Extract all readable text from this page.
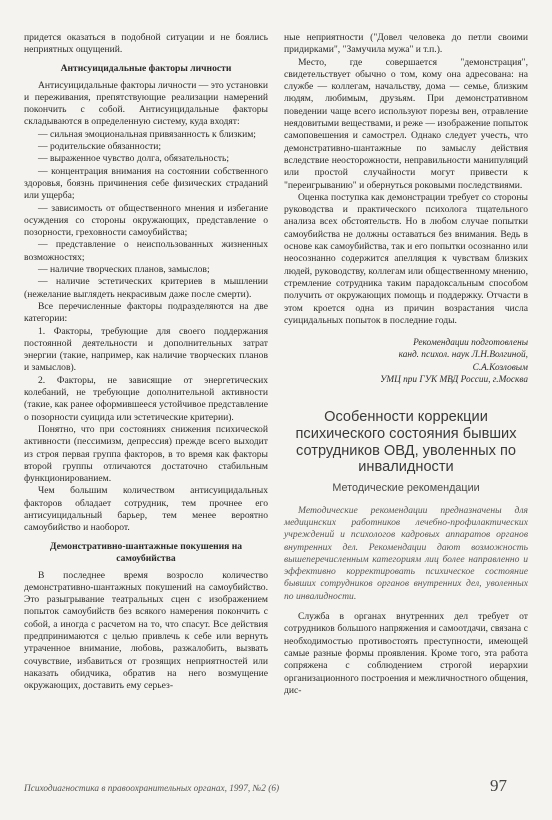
придется оказаться в подобной ситуации и не боялись неприятных ощущений.

Антисуицидальные факторы личности

Антисуицидальные факторы личности — это установки и переживания, препятствующие реализации намерений покончить с собой. Антисуицидальные факторы складываются в определенную систему, куда входят:

— сильная эмоциональная привязанность к близким;

— родительские обязанности;

— выраженное чувство долга, обязательность;

— концентрация внимания на состоянии собственного здоровья, боязнь причинения себе физических страданий или ущерба;

— зависимость от общественного мнения и избегание осуждения со стороны окружающих, представление о позорности, греховности самоубийства;

— представление о неиспользованных жизненных возможностях;

— наличие творческих планов, замыслов;

— наличие эстетических критериев в мышлении (нежелание выглядеть некрасивым даже после смерти).

Все перечисленные факторы подразделяются на две категории:

1. Факторы, требующие для своего поддержания постоянной деятельности и дополнительных затрат энергии (такие, например, как наличие творческих планов и замыслов).

2. Факторы, не зависящие от энергетических колебаний, не требующие дополнительной активности (такие, как ранее оформившееся устойчивое представление о позорности суицида или эстетические критерии).

Понятно, что при состояниях снижения психической активности (пессимизм, депрессия) прежде всего выходит из строя первая группа факторов, в то время как факторы второй группы отличаются достаточно стабильным функционированием.

Чем большим количеством антисуицидальных факторов обладает сотрудник, тем прочнее его антисуицидальный барьер, тем менее вероятно самоубийство и наоборот.

Демонстративно-шантажные покушения на самоубийства

В последнее время возросло количество демонстративно-шантажных покушений на самоубийство. Это разыгрывание театральных сцен с изображением попыток самоубийств без всякого намерения покончить с собой, а иногда с расчетом на то, что спасут. Все действия предпринимаются с целью привлечь к себе или вернуть утраченное внимание, любовь, разжалобить, вызвать сочувствие, избавиться от грозящих неприятностей или наказать обидчика, обратив на него возмущение окружающих, доставить ему серьез-

ные неприятности ("Довел человека до петли своими придирками", "Замучила мужа" и т.п.).

Место, где совершается "демонстрация", свидетельствует обычно о том, кому она адресована: на службе — коллегам, начальству, дома — семье, близким людям, любимым, друзьям. При демонстративном поведении чаще всего используют порезы вен, отравление неядовитыми веществами, и реже — изображение попыток самоповешения и самострел. Однако следует учесть, что демонстративно-шантажные по замыслу действия вследствие неосторожности, неправильности манипуляций или простой случайности могут привести к "переигрыванию" и обернуться роковыми последствиями.

Оценка поступка как демонстрации требует со стороны руководства и практического психолога тщательного анализа всех обстоятельств. Но в любом случае попытки самоубийства не должны оставаться без внимания. Ведь в основе как самоубийства, так и его попытки осознанно или неосознанно содержится апелляция к чувствам близких людей, руководству, коллегам или общественному мнению, стремление сотрудника таким парадоксальным способом получить от окружающих помощь и поддержку. Отчасти в этом кроется одна из причин возрастания числа суицидальных попыток в последние годы.

Рекомендации подготовлены
канд. психол. наук Л.Н.Волгиной,
С.А.Козловым
УМЦ при ГУК МВД России, г.Москва
Особенности коррекции психического состояния бывших сотрудников ОВД, уволенных по инвалидности
Методические рекомендации

Методические рекомендации предназначены для медицинских работников лечебно-профилактических учреждений и психологов кадровых аппаратов органов внутренних дел. Рекомендации дают возможность вышеперечисленным категориям лиц более направленно и эффективно корректировать психическое состояние бывших сотрудников органов внутренних дел, уволенных по инвалидности.

Служба в органах внутренних дел требует от сотрудников большого напряжения и самоотдачи, связана с необходимостью противостоять преступности, имеющей самые разные формы проявления. Кроме того, эта работа сопряжена с соблюдением строгой иерархии организационного построения и межличностного общения, дис-

Психодиагностика в правоохранительных органах, 1997, №2 (6)	97
